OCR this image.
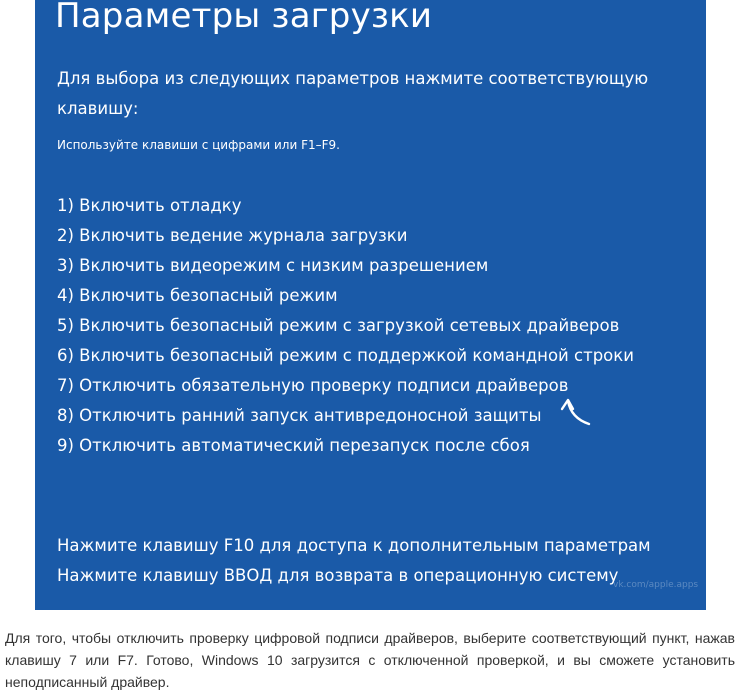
Параметры загрузки

Для выбора из следующих параметров нажмите соответствующую клавишу:

Используйте клавиши с цифрами или F1–F9.

1) Включить отладку
2) Включить ведение журнала загрузки
3) Включить видеорежим с низким разрешением
4) Включить безопасный режим
5) Включить безопасный режим с загрузкой сетевых драйверов
6) Включить безопасный режим с поддержкой командной строки
7) Отключить обязательную проверку подписи драйверов
8) Отключить ранний запуск антивредоносной защиты
9) Отключить автоматический перезапуск после сбоя
Нажмите клавишу F10 для доступа к дополнительным параметрам
Нажмите клавишу ВВОД для возврата в операционную систему
vk.com/apple.apps

Для того, чтобы отключить проверку цифровой подписи драйверов, выберите соответствующий пункт, нажав клавишу 7 или F7. Готово, Windows 10 загрузится с отключенной проверкой, и вы сможете установить неподписанный драйвер.
